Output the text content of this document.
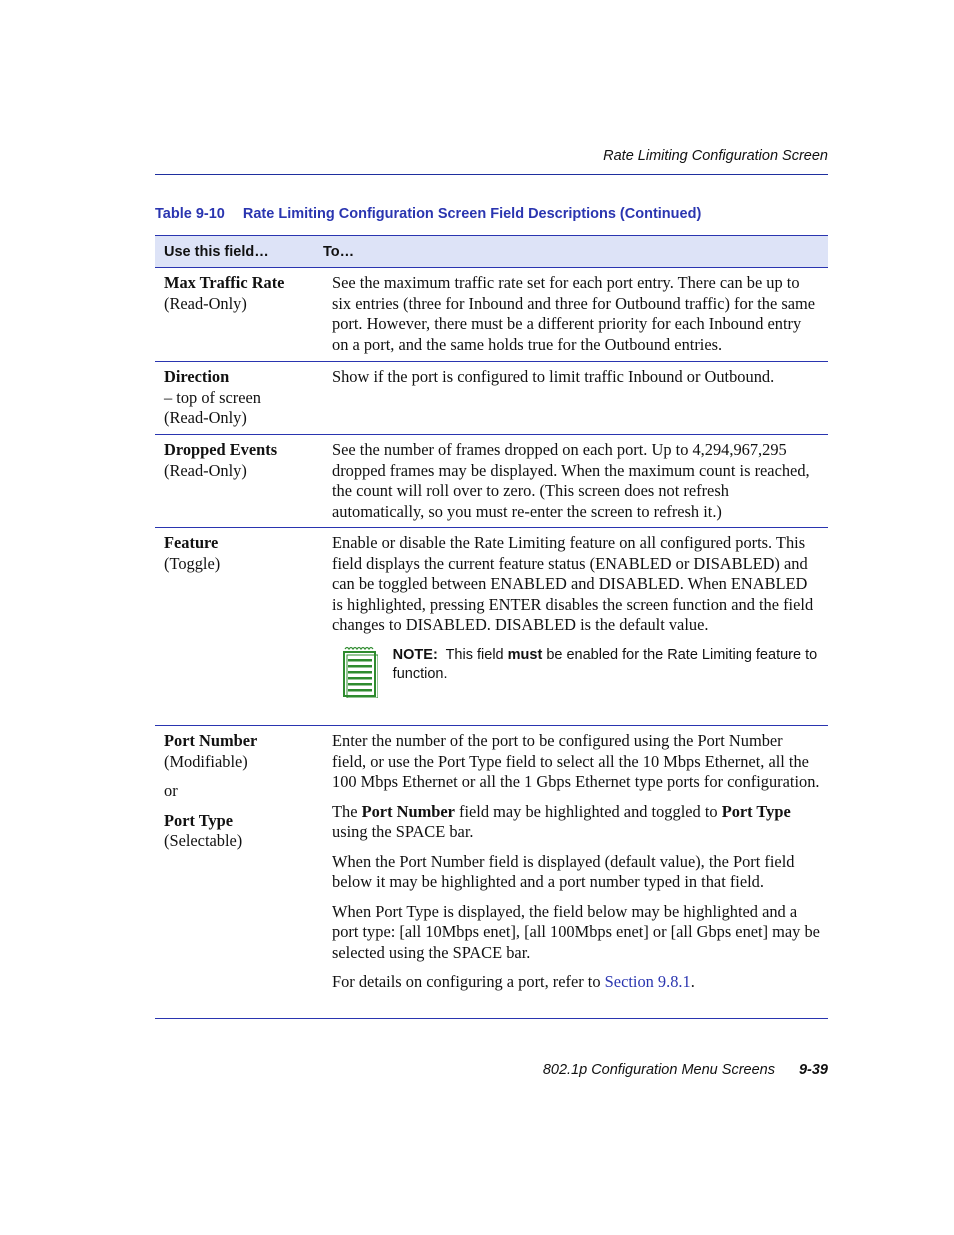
Rate Limiting Configuration Screen
Table 9-10 Rate Limiting Configuration Screen Field Descriptions (Continued)
Use this field…	To…

Max Traffic Rate

(Read-Only)

See the maximum traffic rate set for each port entry. There can be up to six entries (three for Inbound and three for Outbound traffic) for the same port. However, there must be a different priority for each Inbound entry on a port, and the same holds true for the Outbound entries.

Direction

– top of screen

(Read-Only)

Show if the port is configured to limit traffic Inbound or Outbound.

Dropped Events

(Read-Only)

See the number of frames dropped on each port. Up to 4,294,967,295 dropped frames may be displayed. When the maximum count is reached, the count will roll over to zero. (This screen does not refresh automatically, so you must re-enter the screen to refresh it.)

Feature

(Toggle)

Enable or disable the Rate Limiting feature on all configured ports. This field displays the current feature status (ENABLED or DISABLED) and can be toggled between ENABLED and DISABLED. When ENABLED is highlighted, pressing ENTER disables the screen function and the field changes to DISABLED. DISABLED is the default value.

NOTE: This field must be enabled for the Rate Limiting feature to function.

Port Number

(Modifiable)

or

Port Type

(Selectable)

Enter the number of the port to be configured using the Port Number field, or use the Port Type field to select all the 10 Mbps Ethernet, all the 100 Mbps Ethernet or all the 1 Gbps Ethernet type ports for configuration.

The Port Number field may be highlighted and toggled to Port Type using the SPACE bar.

When the Port Number field is displayed (default value), the Port field below it may be highlighted and a port number typed in that field.

When Port Type is displayed, the field below may be highlighted and a port type: [all 10Mbps enet], [all 100Mbps enet] or [all Gbps enet] may be selected using the SPACE bar.

For details on configuring a port, refer to Section 9.8.1.

802.1p Configuration Menu Screens 9-39
